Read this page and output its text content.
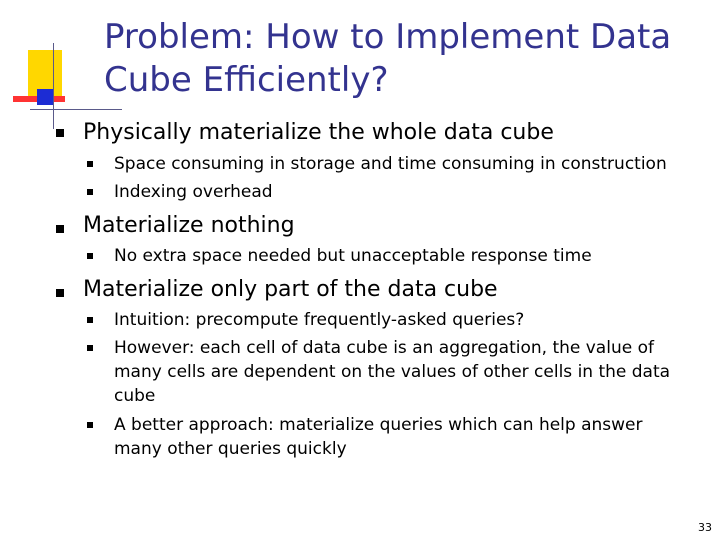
Problem: How to Implement Data
Cube Efficiently?
Physically materialize the whole data cube
Space consuming in storage and time consuming in construction
Indexing overhead
Materialize nothing
No extra space needed but unacceptable response time
Materialize only part of the data cube
Intuition: precompute frequently-asked queries?
However: each cell of data cube is an aggregation, the value of many cells are dependent on the values of other cells in the data cube
A better approach: materialize queries which can help answer many other queries quickly
33
